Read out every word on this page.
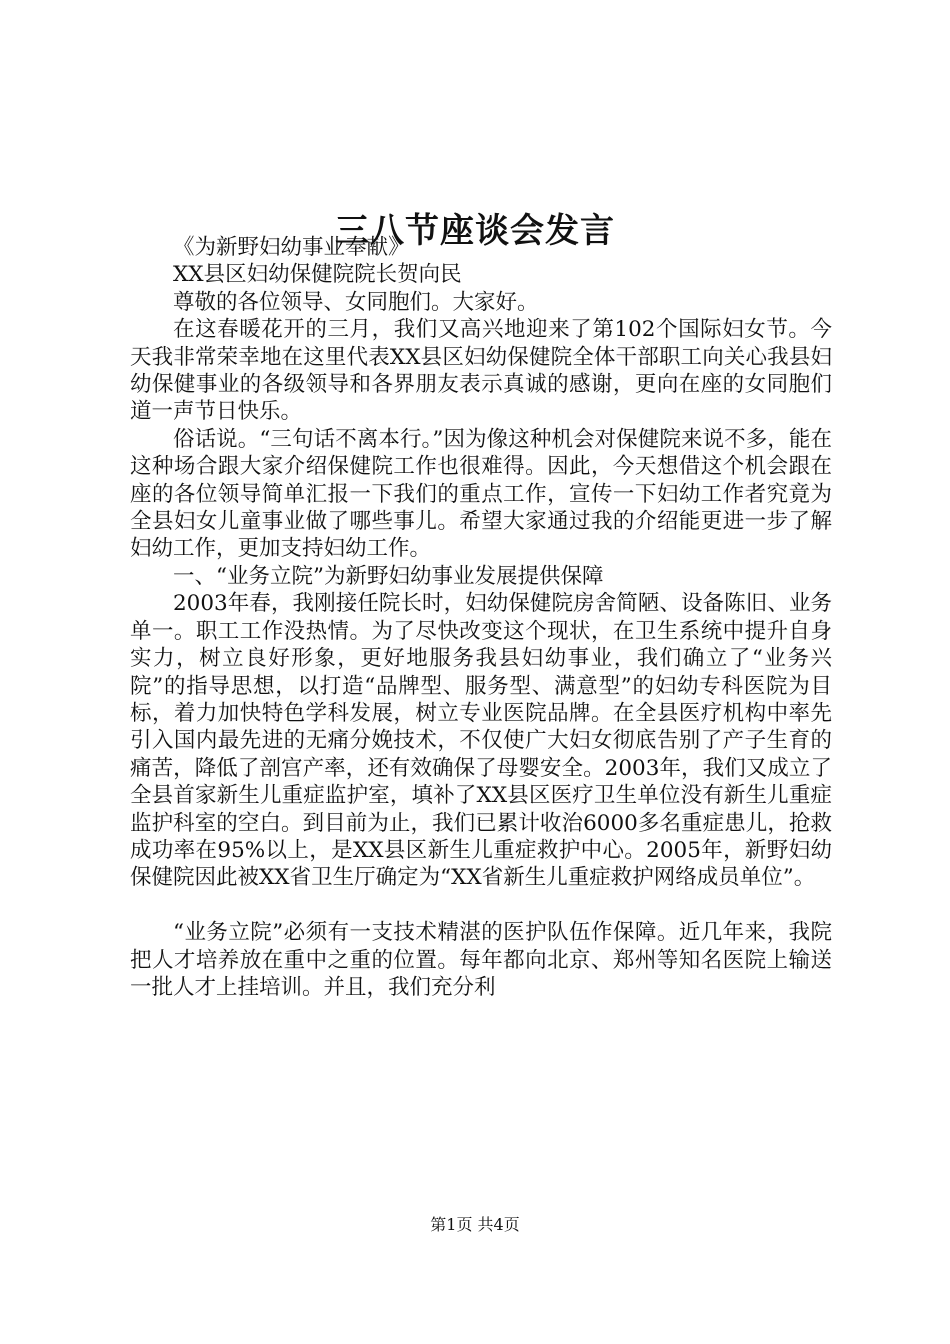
三八节座谈会发言

《为新野妇幼事业奉献》

XX县区妇幼保健院院长贺向民

尊敬的各位领导、女同胞们。大家好。

在这春暖花开的三月，我们又高兴地迎来了第102个国际妇女节。今天我非常荣幸地在这里代表XX县区妇幼保健院全体干部职工向关心我县妇幼保健事业的各级领导和各界朋友表示真诚的感谢，更向在座的女同胞们道一声节日快乐。

俗话说。“三句话不离本行。”因为像这种机会对保健院来说不多，能在这种场合跟大家介绍保健院工作也很难得。因此，今天想借这个机会跟在座的各位领导简单汇报一下我们的重点工作，宣传一下妇幼工作者究竟为全县妇女儿童事业做了哪些事儿。希望大家通过我的介绍能更进一步了解妇幼工作，更加支持妇幼工作。

一、“业务立院”为新野妇幼事业发展提供保障

2003年春，我刚接任院长时，妇幼保健院房舍简陋、设备陈旧、业务单一。职工工作没热情。为了尽快改变这个现状，在卫生系统中提升自身实力，树立良好形象，更好地服务我县妇幼事业，我们确立了“业务兴院”的指导思想，以打造“品牌型、服务型、满意型”的妇幼专科医院为目标，着力加快特色学科发展，树立专业医院品牌。在全县医疗机构中率先引入国内最先进的无痛分娩技术，不仅使广大妇女彻底告别了产子生育的痛苦，降低了剖宫产率，还有效确保了母婴安全。2003年，我们又成立了全县首家新生儿重症监护室，填补了XX县区医疗卫生单位没有新生儿重症监护科室的空白。到目前为止，我们已累计收治6000多名重症患儿，抢救成功率在95%以上，是XX县区新生儿重症救护中心。2005年，新野妇幼保健院因此被XX省卫生厅确定为“XX省新生儿重症救护网络成员单位”。

“业务立院”必须有一支技术精湛的医护队伍作保障。近几年来，我院把人才培养放在重中之重的位置。每年都向北京、郑州等知名医院上输送一批人才上挂培训。并且，我们充分利

第1页 共4页
